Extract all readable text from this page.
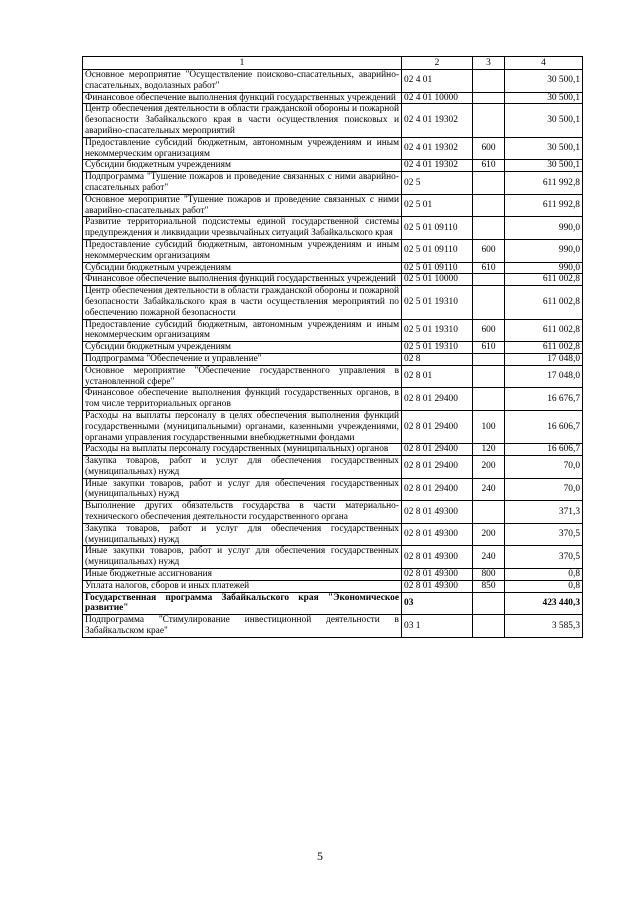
1	2	3	4
Основное мероприятие "Осуществление поисково-спасательных, аварийно-спасательных, водолазных работ"	02 4 01		30 500,1
Финансовое обеспечение выполнения функций государственных учреждений	02 4 01 10000		30 500,1
Центр обеспечения деятельности в области гражданской обороны и пожарной безопасности Забайкальского края в части осуществления поисковых и аварийно-спасательных мероприятий	02 4 01 19302		30 500,1
Предоставление субсидий бюджетным, автономным учреждениям и иным некоммерческим организациям	02 4 01 19302	600	30 500,1
Субсидии бюджетным учреждениям	02 4 01 19302	610	30 500,1
Подпрограмма "Тушение пожаров и проведение связанных с ними аварийно-спасательных работ"	02 5		611 992,8
Основное мероприятие "Тушение пожаров и проведение связанных с ними аварийно-спасательных работ"	02 5 01		611 992,8
Развитие территориальной подсистемы единой государственной системы предупреждения и ликвидации чрезвычайных ситуаций Забайкальского края	02 5 01 09110		990,0
Предоставление субсидий бюджетным, автономным учреждениям и иным некоммерческим организациям	02 5 01 09110	600	990,0
Субсидии бюджетным учреждениям	02 5 01 09110	610	990,0
Финансовое обеспечение выполнения функций государственных учреждений	02 5 01 10000		611 002,8
Центр обеспечения деятельности в области гражданской обороны и пожарной безопасности Забайкальского края в части осуществления мероприятий по обеспечению пожарной безопасности	02 5 01 19310		611 002,8
Предоставление субсидий бюджетным, автономным учреждениям и иным некоммерческим организациям	02 5 01 19310	600	611 002,8
Субсидии бюджетным учреждениям	02 5 01 19310	610	611 002,8
Подпрограмма "Обеспечение и управление"	02 8		17 048,0
Основное мероприятие "Обеспечение государственного управления в установленной сфере"	02 8 01		17 048,0
Финансовое обеспечение выполнения функций государственных органов, в том числе территориальных органов	02 8 01 29400		16 676,7
Расходы на выплаты персоналу в целях обеспечения выполнения функций государственными (муниципальными) органами, казенными учреждениями, органами управления государственными внебюджетными фондами	02 8 01 29400	100	16 606,7
Расходы на выплаты персоналу государственных (муниципальных) органов	02 8 01 29400	120	16 606,7
Закупка товаров, работ и услуг для обеспечения государственных (муниципальных) нужд	02 8 01 29400	200	70,0
Иные закупки товаров, работ и услуг для обеспечения государственных (муниципальных) нужд	02 8 01 29400	240	70,0
Выполнение других обязательств государства в части материально-технического обеспечения деятельности государственного органа	02 8 01 49300		371,3
Закупка товаров, работ и услуг для обеспечения государственных (муниципальных) нужд	02 8 01 49300	200	370,5
Иные закупки товаров, работ и услуг для обеспечения государственных (муниципальных) нужд	02 8 01 49300	240	370,5
Иные бюджетные ассигнования	02 8 01 49300	800	0,8
Уплата налогов, сборов и иных платежей	02 8 01 49300	850	0,8
Государственная программа Забайкальского края "Экономическое развитие"	03		423 440,3
Подпрограмма "Стимулирование инвестиционной деятельности в Забайкальском крае"	03 1		3 585,3
5
